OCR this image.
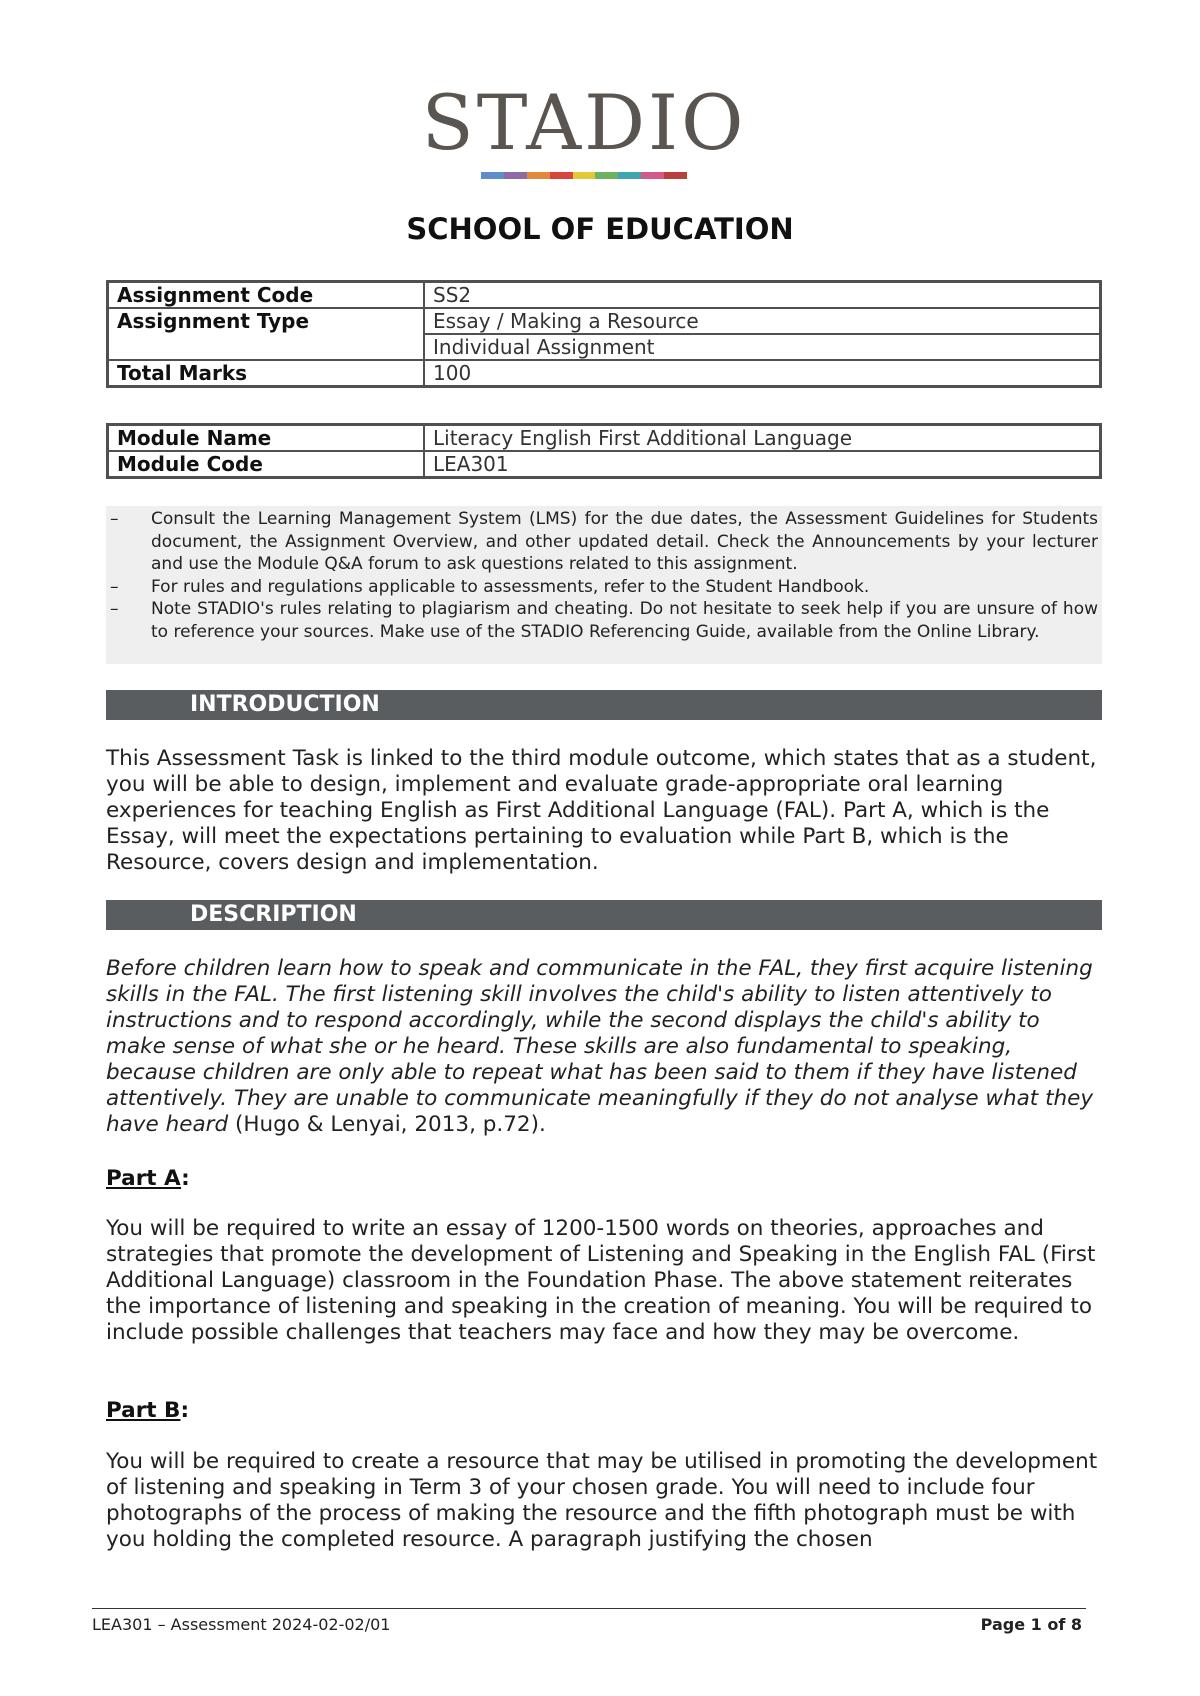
STADIO
SCHOOL OF EDUCATION
Assignment Code	SS2
Assignment Type	Essay / Making a Resource
	Individual Assignment
Total Marks	100
Module Name	Literacy English First Additional Language
Module Code	LEA301
–	Consult the Learning Management System (LMS) for the due dates, the Assessment Guidelines for Students document, the Assignment Overview, and other updated detail. Check the Announcements by your lecturer and use the Module Q&A forum to ask questions related to this assignment.
–	For rules and regulations applicable to assessments, refer to the Student Handbook.
–	Note STADIO's rules relating to plagiarism and cheating. Do not hesitate to seek help if you are unsure of how to reference your sources. Make use of the STADIO Referencing Guide, available from the Online Library.
INTRODUCTION
This Assessment Task is linked to the third module outcome, which states that as a student, you will be able to design, implement and evaluate grade-appropriate oral learning experiences for teaching English as First Additional Language (FAL). Part A, which is the Essay, will meet the expectations pertaining to evaluation while Part B, which is the Resource, covers design and implementation.
DESCRIPTION
Before children learn how to speak and communicate in the FAL, they first acquire listening skills in the FAL. The first listening skill involves the child's ability to listen attentively to instructions and to respond accordingly, while the second displays the child's ability to make sense of what she or he heard. These skills are also fundamental to speaking, because children are only able to repeat what has been said to them if they have listened attentively. They are unable to communicate meaningfully if they do not analyse what they have heard (Hugo & Lenyai, 2013, p.72).
Part A:
You will be required to write an essay of 1200-1500 words on theories, approaches and strategies that promote the development of Listening and Speaking in the English FAL (First Additional Language) classroom in the Foundation Phase. The above statement reiterates the importance of listening and speaking in the creation of meaning. You will be required to include possible challenges that teachers may face and how they may be overcome.
Part B:
You will be required to create a resource that may be utilised in promoting the development of listening and speaking in Term 3 of your chosen grade. You will need to include four photographs of the process of making the resource and the fifth photograph must be with you holding the completed resource. A paragraph justifying the chosen
LEA301 – Assessment 2024-02-02/01	Page 1 of 8
